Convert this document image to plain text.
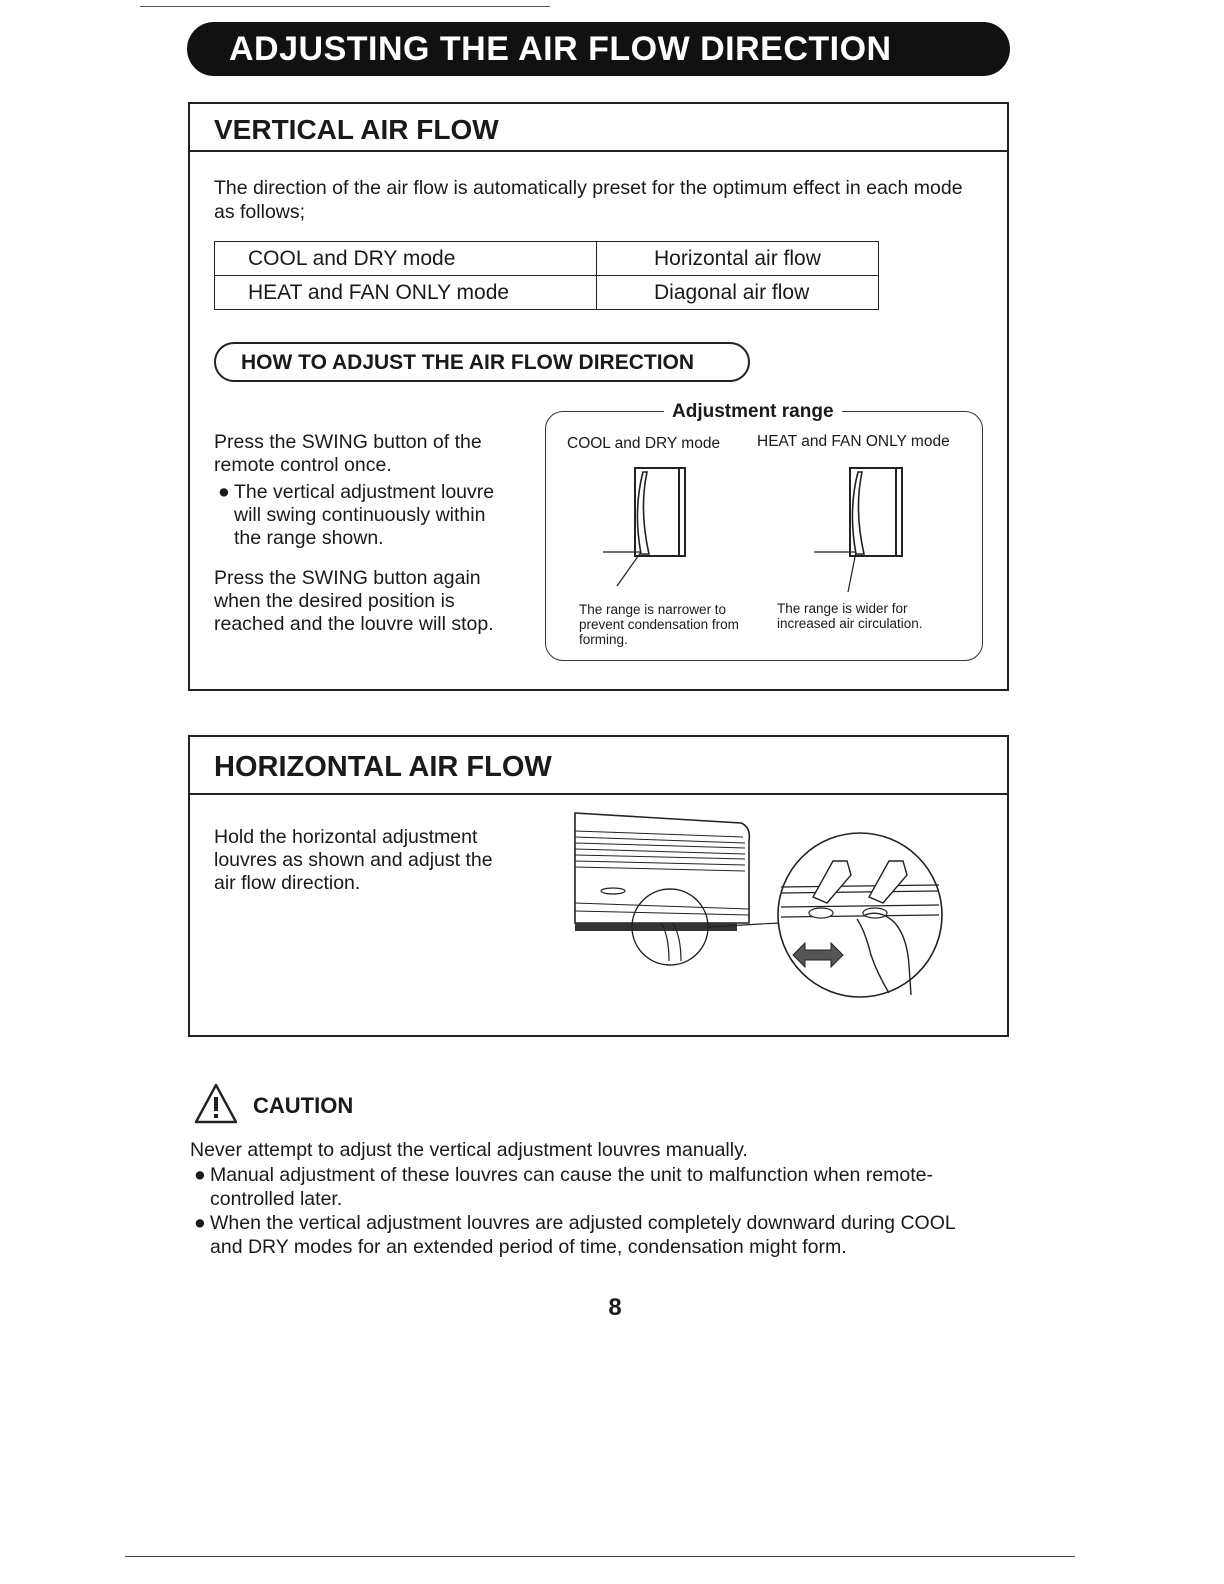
ADJUSTING THE AIR FLOW DIRECTION
VERTICAL AIR FLOW
The direction of the air flow is automatically preset for the optimum effect in each mode as follows;
COOL and DRY mode	Horizontal air flow
HEAT and FAN ONLY mode	Diagonal air flow
HOW TO ADJUST THE AIR FLOW DIRECTION
Press the SWING button of the remote control once.
● The vertical adjustment louvre
will swing continuously within
the range shown.
Press the SWING button again when the desired position is reached and the louvre will stop.
Adjustment range
COOL and DRY mode HEAT and FAN ONLY mode
The range is narrower to prevent condensation from forming.
The range is wider for increased air circulation.
HORIZONTAL AIR FLOW
Hold the horizontal adjustment louvres as shown and adjust the air flow direction.
CAUTION
Never attempt to adjust the vertical adjustment louvres manually.
● Manual adjustment of these louvres can cause the unit to malfunction when remote-
controlled later.
● When the vertical adjustment louvres are adjusted completely downward during COOL
and DRY modes for an extended period of time, condensation might form.
8
